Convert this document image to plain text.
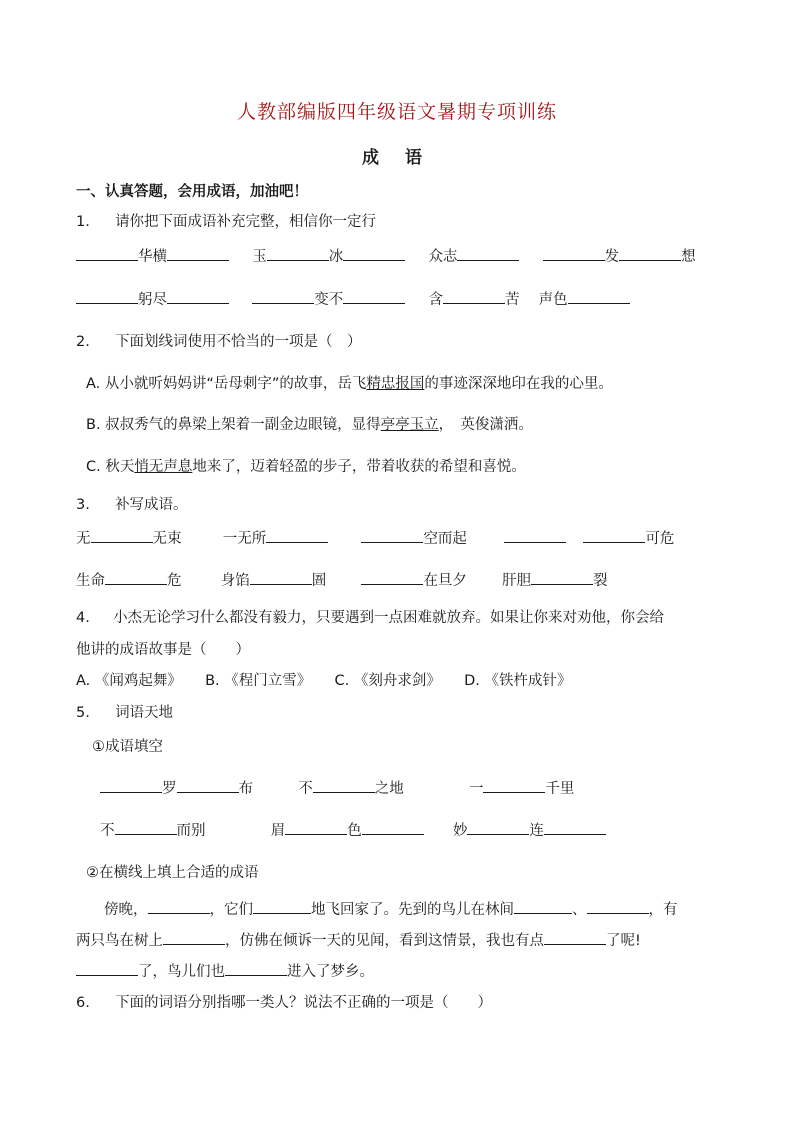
人教部编版四年级语文暑期专项训练
成 语
一、认真答题，会用成语，加油吧！
1. 请你把下面成语补充完整，相信你一定行
华横	玉	冰	众志	发	想
躬尽	变不	含	苦 声色
2. 下面划线词使用不恰当的一项是（　）
A. 从小就听妈妈讲“岳母刺字”的故事，岳飞精忠报国的事迹深深地印在我的心里。
B. 叔叔秀气的鼻梁上架着一副金边眼镜，显得亭亭玉立，　英俊潇洒。
C. 秋天悄无声息地来了，迈着轻盈的步子，带着收获的希望和喜悦。
3. 补写成语。
无	无束	一无所	空而起	可危
生命	危	身馅	圄	在旦夕 肝胆	裂
4. 小杰无论学习什么都没有毅力，只要遇到一点困难就放弃。如果让你来对劝他，你会给
他讲的成语故事是（　　）
A. 《闻鸡起舞》 B. 《程门立雪》 C. 《刻舟求剑》 D. 《铁杵成针》
5. 词语天地
①成语填空
罗	布	不	之地	一	千里
不	而别	眉	色	妙	连
②在横线上填上合适的成语
傍晚，	，它们	地飞回家了。先到的鸟儿在林间	、	，有
两只鸟在树上	，仿佛在倾诉一天的见闻，看到这情景，我也有点	了呢!
了，鸟儿们也	进入了梦乡。
6. 下面的词语分别指哪一类人？说法不正确的一项是（　　）
